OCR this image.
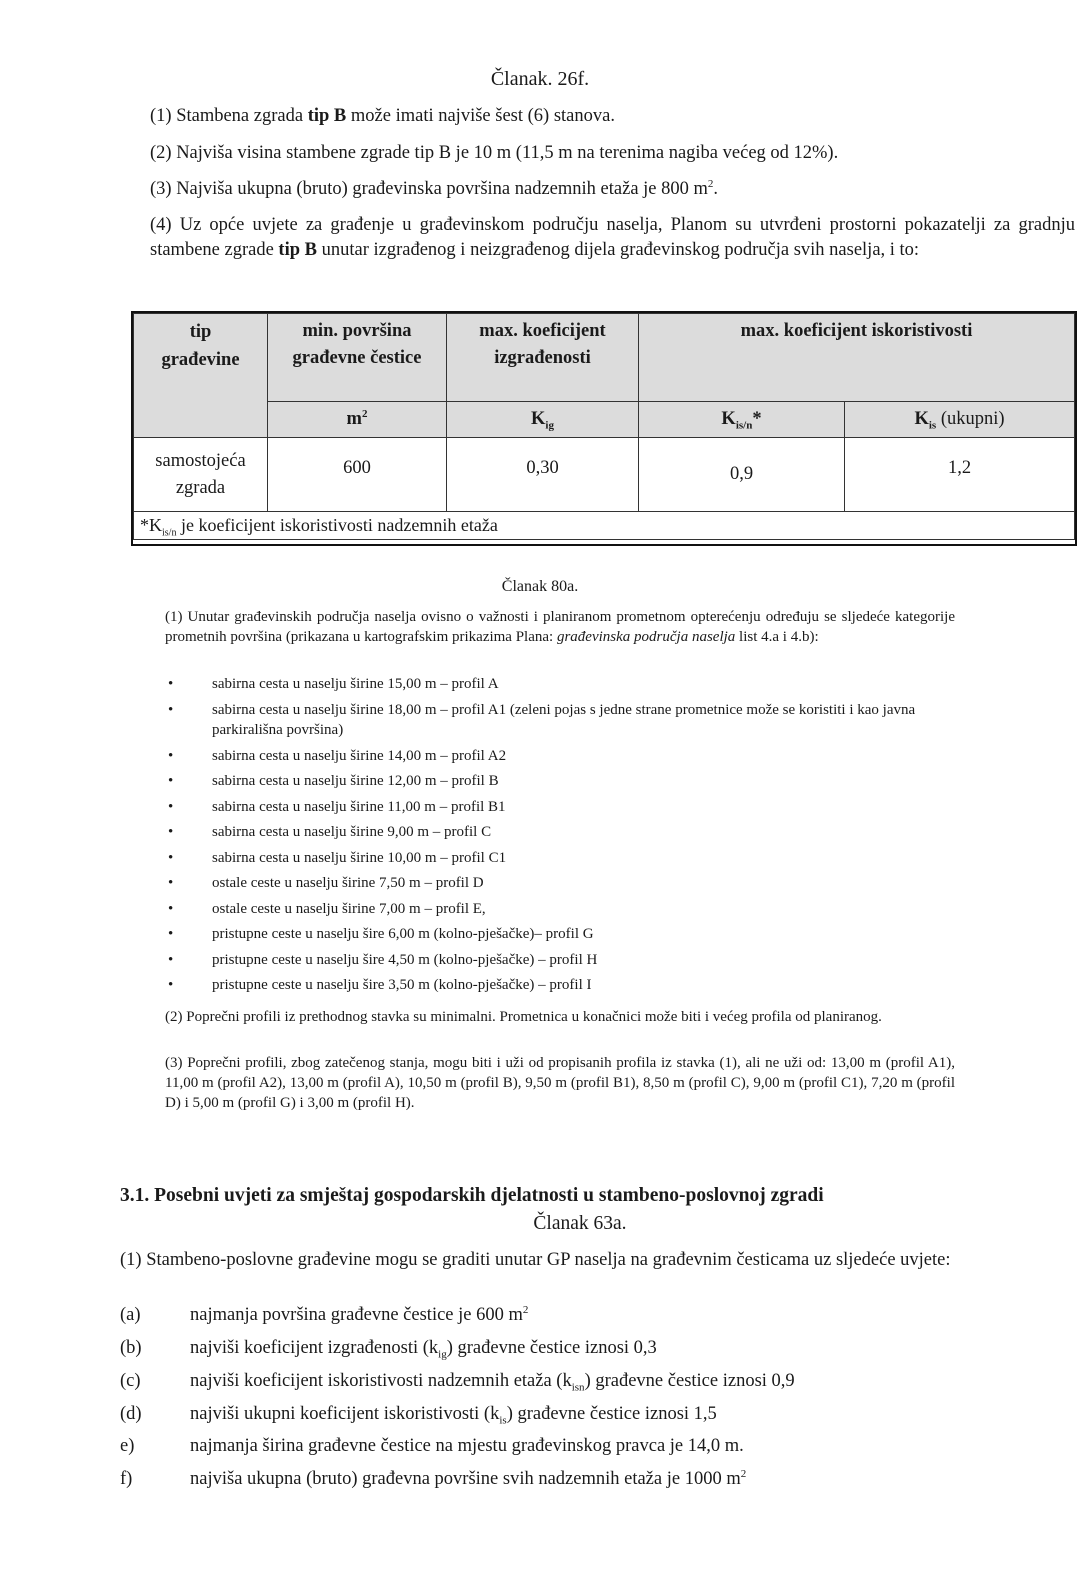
Članak. 26f.
(1) Stambena zgrada tip B može imati najviše šest (6) stanova.
(2) Najviša visina stambene zgrade tip B je 10 m (11,5 m na terenima nagiba većeg od 12%).
(3) Najviša ukupna (bruto) građevinska površina nadzemnih etaža je 800 $m^2$.
(4) Uz opće uvjete za građenje u građevinskom području naselja, Planom su utvrđeni prostorni pokazatelji za gradnju stambene zgrade tip B unutar izgrađenog i neizgrađenog dijela građevinskog područja svih naselja, i to:
tip građevine	min. površina građevne čestice	max. koeficijent izgrađenosti	max. koeficijent iskoristivosti	

	$m^2$	$K_{ig}$	$K_{is/n}*$	$K_{is}$ (ukupni)

samostojeća zgrada	600	0,30	0,9	1,2
$*K_{is/n}$ je koeficijent iskoristivosti nadzemnih etaža				
Članak 80a.
(1) Unutar građevinskih područja naselja ovisno o važnosti i planiranom prometnom opterećenju određuju se sljedeće kategorije prometnih površina (prikazana u kartografskim prikazima Plana: građevinska područja naselja list 4.a i 4.b):
•	sabirna cesta u naselju širine 15,00 m – profil A
•	sabirna cesta u naselju širine 18,00 m – profil A1 (zeleni pojas s jedne strane prometnice može se koristiti i kao javna parkirališna površina)
•	sabirna cesta u naselju širine 14,00 m – profil A2
•	sabirna cesta u naselju širine 12,00 m – profil B
•	sabirna cesta u naselju širine 11,00 m – profil B1
•	sabirna cesta u naselju širine 9,00 m – profil C
•	sabirna cesta u naselju širine 10,00 m – profil C1
•	ostale ceste u naselju širine 7,50 m – profil D
•	ostale ceste u naselju širine 7,00 m – profil E,
•	pristupne ceste u naselju šire 6,00 m (kolno-pješačke)– profil G
•	pristupne ceste u naselju šire 4,50 m (kolno-pješačke) – profil H
•	pristupne ceste u naselju šire 3,50 m (kolno-pješačke) – profil I
(2) Poprečni profili iz prethodnog stavka su minimalni. Prometnica u konačnici može biti i većeg profila od planiranog.
(3) Poprečni profili, zbog zatečenog stanja, mogu biti i uži od propisanih profila iz stavka (1), ali ne uži od: 13,00 m (profil A1), 11,00 m (profil A2), 13,00 m (profil A), 10,50 m (profil B), 9,50 m (profil B1), 8,50 m (profil C), 9,00 m (profil C1), 7,20 m (profil D) i 5,00 m (profil G) i 3,00 m (profil H).
3.1. Posebni uvjeti za smještaj gospodarskih djelatnosti u stambeno-poslovnoj zgradi
Članak 63a.
(1) Stambeno-poslovne građevine mogu se graditi unutar GP naselja na građevnim česticama uz sljedeće uvjete:
(a)	najmanja površina građevne čestice je 600 $m^2$
(b)	najviši koeficijent izgrađenosti $(k_{ig})$ građevne čestice iznosi 0,3
(c)	najviši koeficijent iskoristivosti nadzemnih etaža $(k_{isn})$ građevne čestice iznosi 0,9
(d)	najviši ukupni koeficijent iskoristivosti $(k_{is})$ građevne čestice iznosi 1,5
e)	najmanja širina građevne čestice na mjestu građevinskog pravca je 14,0 m.
f)	najviša ukupna (bruto) građevna površine svih nadzemnih etaža je 1000 $m^2$
